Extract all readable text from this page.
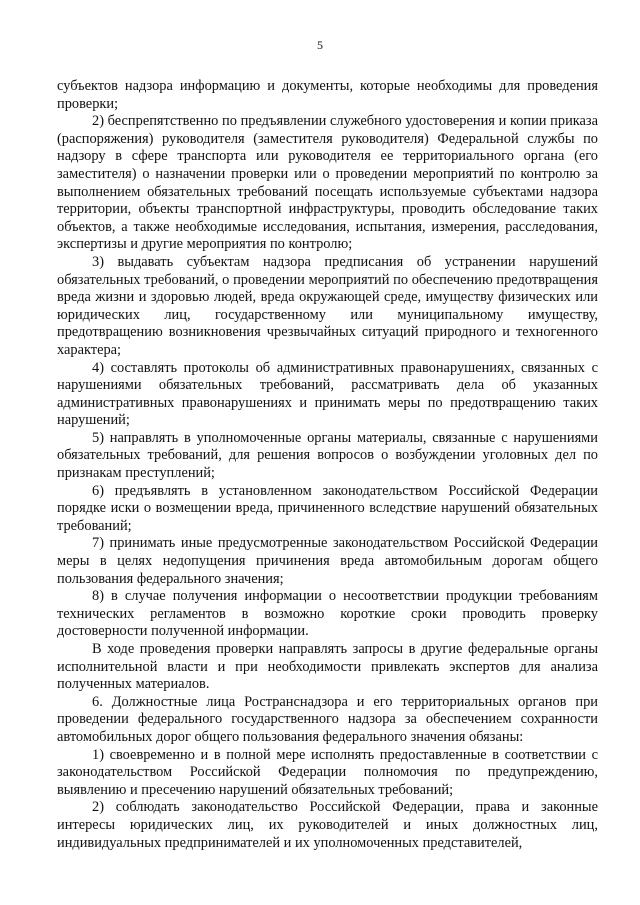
5

субъектов надзора информацию и документы, которые необходимы для проведения проверки;

2) беспрепятственно по предъявлении служебного удостоверения и копии приказа (распоряжения) руководителя (заместителя руководителя) Федеральной службы по надзору в сфере транспорта или руководителя ее территориального органа (его заместителя) о назначении проверки или о проведении мероприятий по контролю за выполнением обязательных требований посещать используемые субъектами надзора территории, объекты транспортной инфраструктуры, проводить обследование таких объектов, а также необходимые исследования, испытания, измерения, расследования, экспертизы и другие мероприятия по контролю;

3) выдавать субъектам надзора предписания об устранении нарушений обязательных требований, о проведении мероприятий по обеспечению предотвращения вреда жизни и здоровью людей, вреда окружающей среде, имуществу физических или юридических лиц, государственному или муниципальному имуществу, предотвращению возникновения чрезвычайных ситуаций природного и техногенного характера;

4) составлять протоколы об административных правонарушениях, связанных с нарушениями обязательных требований, рассматривать дела об указанных административных правонарушениях и принимать меры по предотвращению таких нарушений;

5) направлять в уполномоченные органы материалы, связанные с нарушениями обязательных требований, для решения вопросов о возбуждении уголовных дел по признакам преступлений;

6) предъявлять в установленном законодательством Российской Федерации порядке иски о возмещении вреда, причиненного вследствие нарушений обязательных требований;

7) принимать иные предусмотренные законодательством Российской Федерации меры в целях недопущения причинения вреда автомобильным дорогам общего пользования федерального значения;

8) в случае получения информации о несоответствии продукции требованиям технических регламентов в возможно короткие сроки проводить проверку достоверности полученной информации.

В ходе проведения проверки направлять запросы в другие федеральные органы исполнительной власти и при необходимости привлекать экспертов для анализа полученных материалов.

6. Должностные лица Ространснадзора и его территориальных органов при проведении федерального государственного надзора за обеспечением сохранности автомобильных дорог общего пользования федерального значения обязаны:

1) своевременно и в полной мере исполнять предоставленные в соответствии с законодательством Российской Федерации полномочия по предупреждению, выявлению и пресечению нарушений обязательных требований;

2) соблюдать законодательство Российской Федерации, права и законные интересы юридических лиц, их руководителей и иных должностных лиц, индивидуальных предпринимателей и их уполномоченных представителей,
